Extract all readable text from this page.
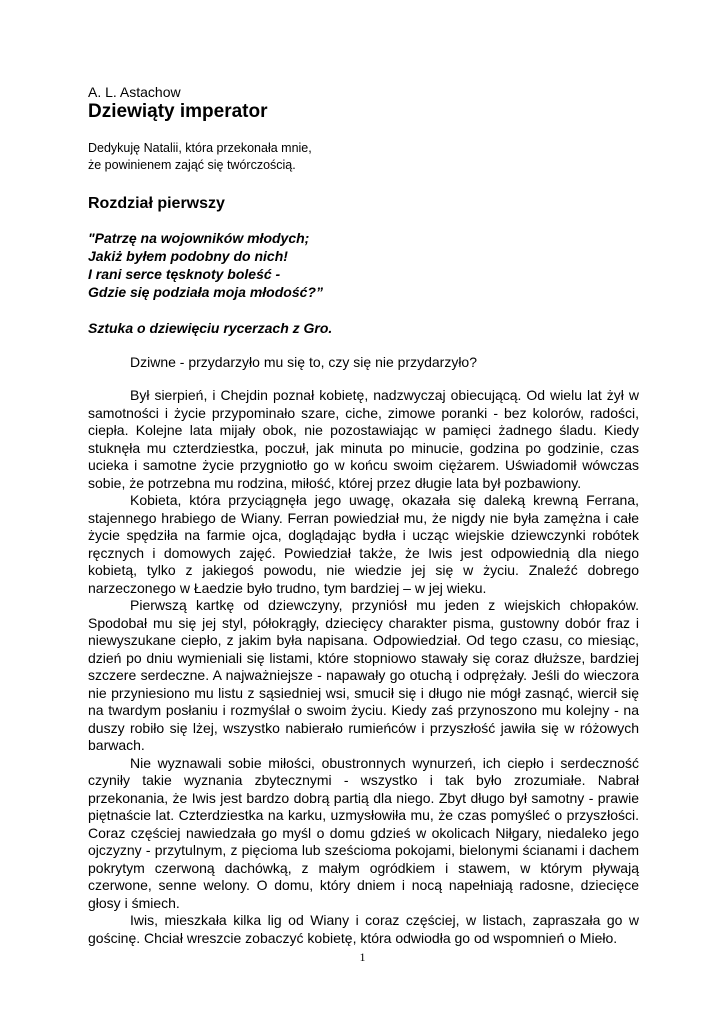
A. L. Astachow

Dziewiąty imperator
Dedykuję Natalii, która przekonała mnie,
że powinienem zająć się twórczością.
Rozdział pierwszy
"Patrzę na wojowników młodych;
Jakiż byłem podobny do nich!
I rani serce tęsknoty boleść -
Gdzie się podziała moja młodość?”

Sztuka o dziewięciu rycerzach z Gro.

Dziwne - przydarzyło mu się to, czy się nie przydarzyło?

Był sierpień, i Chejdin poznał kobietę, nadzwyczaj obiecującą. Od wielu lat żył w samotności i życie przypominało szare, ciche, zimowe poranki - bez kolorów, radości, ciepła. Kolejne lata mijały obok, nie pozostawiając w pamięci żadnego śladu. Kiedy stuknęła mu czterdziestka, poczuł, jak minuta po minucie, godzina po godzinie, czas ucieka i samotne życie przygniotło go w końcu swoim ciężarem. Uświadomił wówczas sobie, że potrzebna mu rodzina, miłość, której przez długie lata był pozbawiony.

Kobieta, która przyciągnęła jego uwagę, okazała się daleką krewną Ferrana, stajennego hrabiego de Wiany. Ferran powiedział mu, że nigdy nie była zamężna i całe życie spędziła na farmie ojca, doglądając bydła i ucząc wiejskie dziewczynki robótek ręcznych i domowych zajęć. Powiedział także, że Iwis jest odpowiednią dla niego kobietą, tylko z jakiegoś powodu, nie wiedzie jej się w życiu. Znaleźć dobrego narzeczonego w Łaedzie było trudno, tym bardziej – w jej wieku.

Pierwszą kartkę od dziewczyny, przyniósł mu jeden z wiejskich chłopaków. Spodobał mu się jej styl, półokrągły, dziecięcy charakter pisma, gustowny dobór fraz i niewyszukane ciepło, z jakim była napisana. Odpowiedział. Od tego czasu, co miesiąc, dzień po dniu wymieniali się listami, które stopniowo stawały się coraz dłuższe, bardziej szczere serdeczne. A najważniejsze - napawały go otuchą i odprężały. Jeśli do wieczora nie przyniesiono mu listu z sąsiedniej wsi, smucił się i długo nie mógł zasnąć, wiercił się na twardym posłaniu i rozmyślał o swoim życiu. Kiedy zaś przynoszono mu kolejny - na duszy robiło się lżej, wszystko nabierało rumieńców i przyszłość jawiła się w różowych barwach.

Nie wyznawali sobie miłości, obustronnych wynurzeń, ich ciepło i serdeczność czyniły takie wyznania zbytecznymi - wszystko i tak było zrozumiałe. Nabrał przekonania, że Iwis jest bardzo dobrą partią dla niego. Zbyt długo był samotny - prawie piętnaście lat. Czterdziestka na karku, uzmysłowiła mu, że czas pomyśleć o przyszłości. Coraz częściej nawiedzała go myśl o domu gdzieś w okolicach Niłgary, niedaleko jego ojczyzny - przytulnym, z pięcioma lub sześcioma pokojami, bielonymi ścianami i dachem pokrytym czerwoną dachówką, z małym ogródkiem i stawem, w którym pływają czerwone, senne welony. O domu, który dniem i nocą napełniają radosne, dziecięce głosy i śmiech.

Iwis, mieszkała kilka lig od Wiany i coraz częściej, w listach, zapraszała go w gościnę. Chciał wreszcie zobaczyć kobietę, która odwiodła go od wspomnień o Mieło.

1
